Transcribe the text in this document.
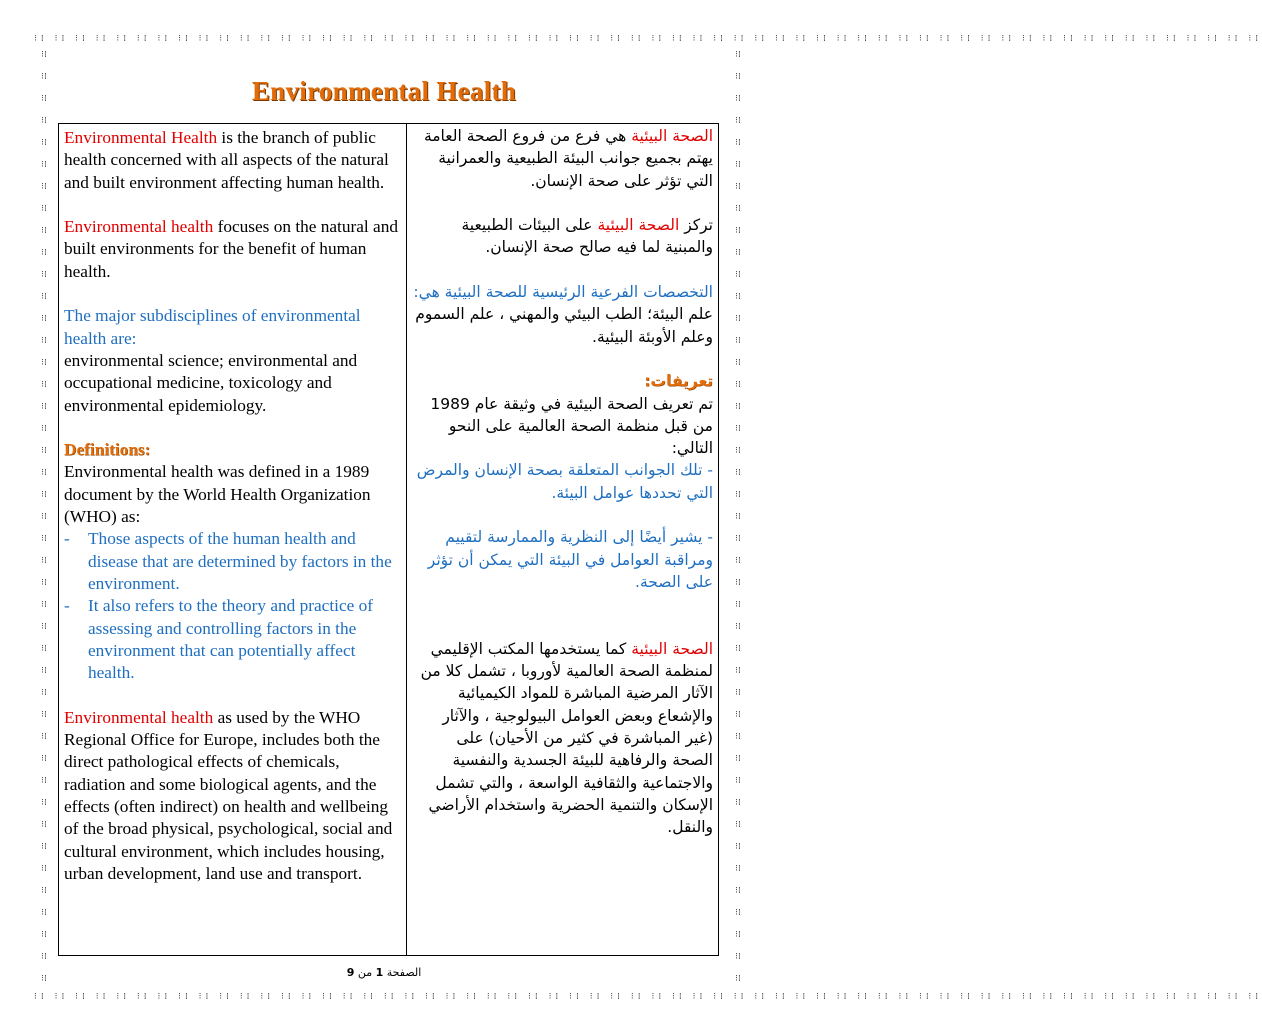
⁝⁞ ⁝⁞ ⁝⁞ ⁝⁞ ⁝⁞ ⁝⁞ ⁝⁞ ⁝⁞ ⁝⁞ ⁝⁞ ⁝⁞ ⁝⁞ ⁝⁞ ⁝⁞ ⁝⁞ ⁝⁞ ⁝⁞ ⁝⁞ ⁝⁞ ⁝⁞ ⁝⁞ ⁝⁞ ⁝⁞ ⁝⁞ ⁝⁞ ⁝⁞ ⁝⁞ ⁝⁞ ⁝⁞ ⁝⁞ ⁝⁞ ⁝⁞ ⁝⁞ ⁝⁞ ⁝⁞ ⁝⁞ ⁝⁞ ⁝⁞ ⁝⁞ ⁝⁞ ⁝⁞ ⁝⁞ ⁝⁞ ⁝⁞ ⁝⁞ ⁝⁞ ⁝⁞ ⁝⁞ ⁝⁞ ⁝⁞ ⁝⁞ ⁝⁞ ⁝⁞ ⁝⁞ ⁝⁞ ⁝⁞ ⁝⁞ ⁝⁞ ⁝⁞ ⁝⁞
⁝⁞ ⁝⁞ ⁝⁞ ⁝⁞ ⁝⁞ ⁝⁞ ⁝⁞ ⁝⁞ ⁝⁞ ⁝⁞ ⁝⁞ ⁝⁞ ⁝⁞ ⁝⁞ ⁝⁞ ⁝⁞ ⁝⁞ ⁝⁞ ⁝⁞ ⁝⁞ ⁝⁞ ⁝⁞ ⁝⁞ ⁝⁞ ⁝⁞ ⁝⁞ ⁝⁞ ⁝⁞ ⁝⁞ ⁝⁞ ⁝⁞ ⁝⁞ ⁝⁞ ⁝⁞ ⁝⁞ ⁝⁞ ⁝⁞ ⁝⁞ ⁝⁞ ⁝⁞ ⁝⁞ ⁝⁞ ⁝⁞ ⁝⁞ ⁝⁞ ⁝⁞ ⁝⁞ ⁝⁞ ⁝⁞ ⁝⁞ ⁝⁞ ⁝⁞ ⁝⁞ ⁝⁞ ⁝⁞ ⁝⁞ ⁝⁞ ⁝⁞ ⁝⁞ ⁝⁞
⁝⁞
⁝⁞
⁝⁞
⁝⁞
⁝⁞
⁝⁞
⁝⁞
⁝⁞
⁝⁞
⁝⁞
⁝⁞
⁝⁞
⁝⁞
⁝⁞
⁝⁞
⁝⁞
⁝⁞
⁝⁞
⁝⁞
⁝⁞
⁝⁞
⁝⁞
⁝⁞
⁝⁞
⁝⁞
⁝⁞
⁝⁞
⁝⁞
⁝⁞
⁝⁞
⁝⁞
⁝⁞
⁝⁞
⁝⁞
⁝⁞
⁝⁞
⁝⁞
⁝⁞
⁝⁞
⁝⁞
⁝⁞
⁝⁞
⁝⁞
⁝⁞
⁝⁞
⁝⁞
⁝⁞
⁝⁞
⁝⁞
⁝⁞
⁝⁞
⁝⁞
⁝⁞
⁝⁞
⁝⁞
⁝⁞
⁝⁞
⁝⁞
⁝⁞
⁝⁞
⁝⁞
⁝⁞
⁝⁞
⁝⁞
⁝⁞
⁝⁞
⁝⁞
⁝⁞
⁝⁞
⁝⁞
⁝⁞
⁝⁞
⁝⁞
⁝⁞
⁝⁞
⁝⁞
⁝⁞
⁝⁞
⁝⁞
⁝⁞
⁝⁞
⁝⁞
⁝⁞
⁝⁞
⁝⁞
⁝⁞
Environmental Health
Environmental Health is the branch of public health concerned with all aspects of the natural and built environment affecting human health.
Environmental health focuses on the natural and built environments for the benefit of human health.
The major subdisciplines of environmental health are:
environmental science; environmental and occupational medicine, toxicology and environmental epidemiology.
Definitions:
Environmental health was defined in a 1989 document by the World Health Organization (WHO) as:
-	Those aspects of the human health and disease that are determined by factors in the environment.
-	It also refers to the theory and practice of assessing and controlling factors in the environment that can potentially affect health.
Environmental health as used by the WHO Regional Office for Europe, includes both the direct pathological effects of chemicals, radiation and some biological agents, and the effects (often indirect) on health and wellbeing of the broad physical, psychological, social and cultural environment, which includes housing, urban development, land use and transport.
الصحة البيئية هي فرع من فروع الصحة العامة يهتم بجميع جوانب البيئة الطبيعية والعمرانية التي تؤثر على صحة الإنسان.
تركز الصحة البيئية على البيئات الطبيعية والمبنية لما فيه صالح صحة الإنسان.
التخصصات الفرعية الرئيسية للصحة البيئية هي:
علم البيئة؛ الطب البيئي والمهني ، علم السموم وعلم الأوبئة البيئية.
تعريفات:
تم تعريف الصحة البيئية في وثيقة عام 1989 من قبل منظمة الصحة العالمية على النحو التالي:
- تلك الجوانب المتعلقة بصحة الإنسان والمرض التي تحددها عوامل البيئة.
- يشير أيضًا إلى النظرية والممارسة لتقييم ومراقبة العوامل في البيئة التي يمكن أن تؤثر على الصحة.
الصحة البيئية كما يستخدمها المكتب الإقليمي لمنظمة الصحة العالمية لأوروبا ، تشمل كلا من الآثار المرضية المباشرة للمواد الكيميائية والإشعاع وبعض العوامل البيولوجية ، والآثار (غير المباشرة في كثير من الأحيان) على الصحة والرفاهية للبيئة الجسدية والنفسية والاجتماعية والثقافية الواسعة ، والتي تشمل الإسكان والتنمية الحضرية واستخدام الأراضي والنقل.
الصفحة 1 من 9
